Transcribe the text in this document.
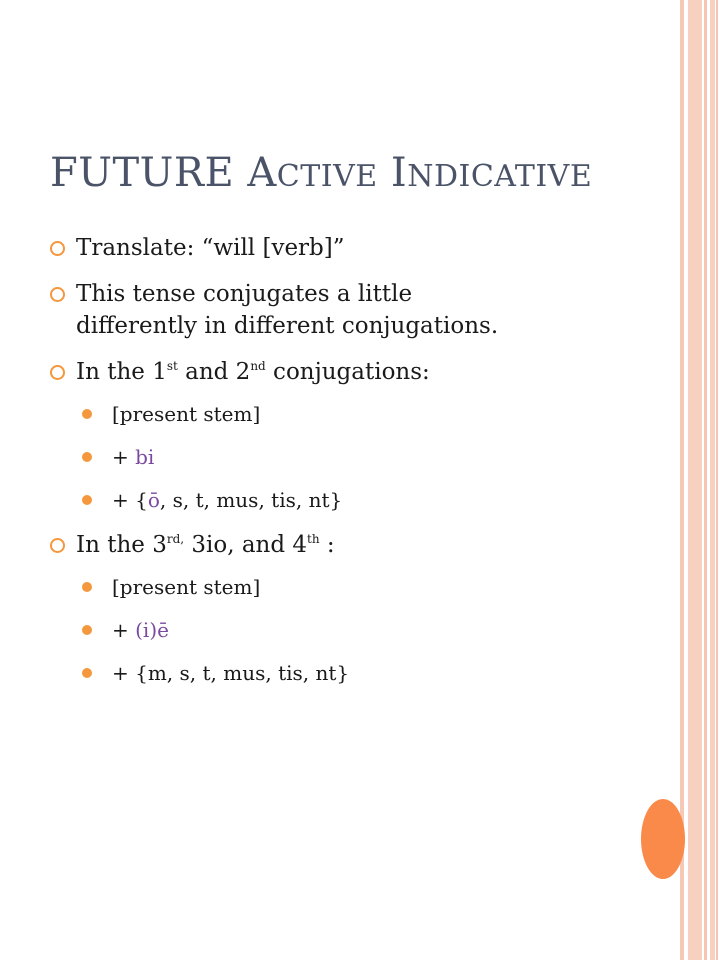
FUTURE ACTIVE INDICATIVE
Translate: “will [verb]”
This tense conjugates a little
differently in different conjugations.
In the 1st and 2nd conjugations:
[present stem]
+ bi
+ {ō, s, t, mus, tis, nt}
In the $3^{rd,}$ 3io, and 4th :
[present stem]
+ (i)ē
+ {m, s, t, mus, tis, nt}
